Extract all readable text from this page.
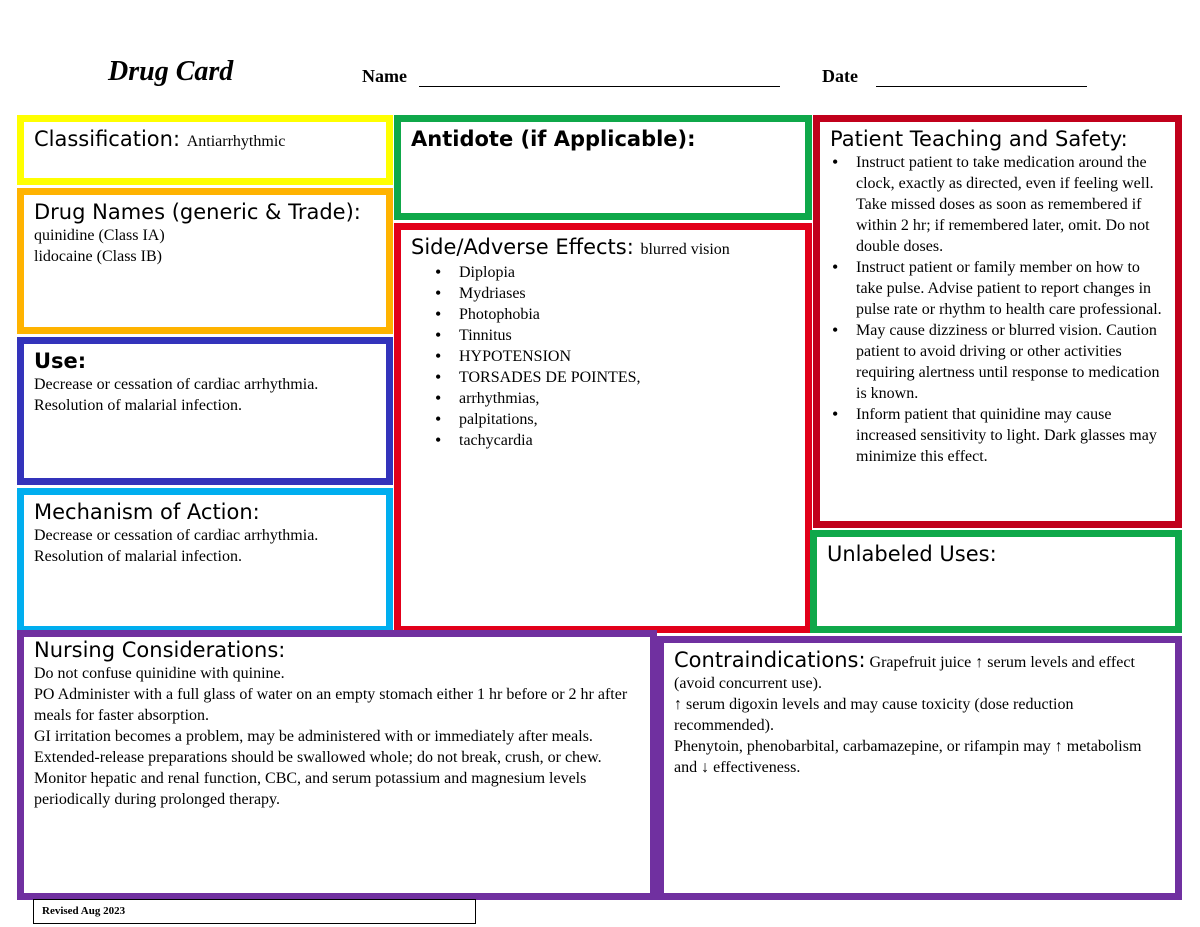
Drug Card	Name	Date
Classification: Antiarrhythmic
Drug Names (generic & Trade):
quinidine (Class IA)
lidocaine (Class IB)
Use:
Decrease or cessation of cardiac arrhythmia.
Resolution of malarial infection.
Mechanism of Action:
Decrease or cessation of cardiac arrhythmia.
Resolution of malarial infection.
Antidote (if Applicable):
Side/Adverse Effects: blurred vision
• Diplopia
• Mydriases
• Photophobia
• Tinnitus
• HYPOTENSION
• TORSADES DE POINTES,
• arrhythmias,
• palpitations,
• tachycardia
Patient Teaching and Safety:
• Instruct patient to take medication around the clock, exactly as directed, even if feeling well. Take missed doses as soon as remembered if within 2 hr; if remembered later, omit. Do not double doses.
• Instruct patient or family member on how to take pulse. Advise patient to report changes in pulse rate or rhythm to health care professional.
• May cause dizziness or blurred vision. Caution patient to avoid driving or other activities requiring alertness until response to medication is known.
• Inform patient that quinidine may cause increased sensitivity to light. Dark glasses may minimize this effect.
Unlabeled Uses:
Nursing Considerations:
Do not confuse quinidine with quinine.
PO Administer with a full glass of water on an empty stomach either 1 hr before or 2 hr after meals for faster absorption.
GI irritation becomes a problem, may be administered with or immediately after meals.
Extended-release preparations should be swallowed whole; do not break, crush, or chew.
Monitor hepatic and renal function, CBC, and serum potassium and magnesium levels periodically during prolonged therapy.
Contraindications: Grapefruit juice ↑ serum levels and effect (avoid concurrent use).
↑ serum digoxin levels and may cause toxicity (dose reduction recommended).
Phenytoin, phenobarbital, carbamazepine, or rifampin may ↑ metabolism and ↓ effectiveness.
Revised Aug 2023
